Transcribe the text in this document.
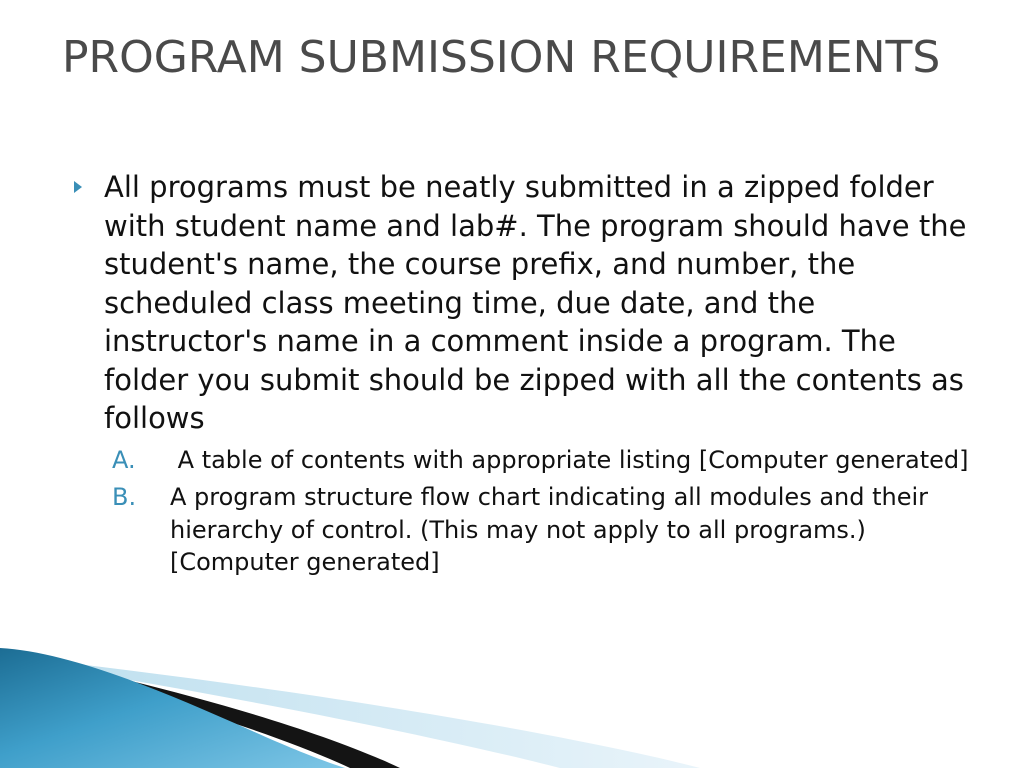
PROGRAM SUBMISSION REQUIREMENTS
All programs must be neatly submitted in a zipped folder with student name and lab#. The program should have the student's name, the course prefix, and number, the scheduled class meeting time, due date, and the instructor's name in a comment inside a program. The folder you submit should be zipped with all the contents as follows
A. A table of contents with appropriate listing [Computer generated]
B. A program structure flow chart indicating all modules and their hierarchy of control. (This may not apply to all programs.) [Computer generated]
